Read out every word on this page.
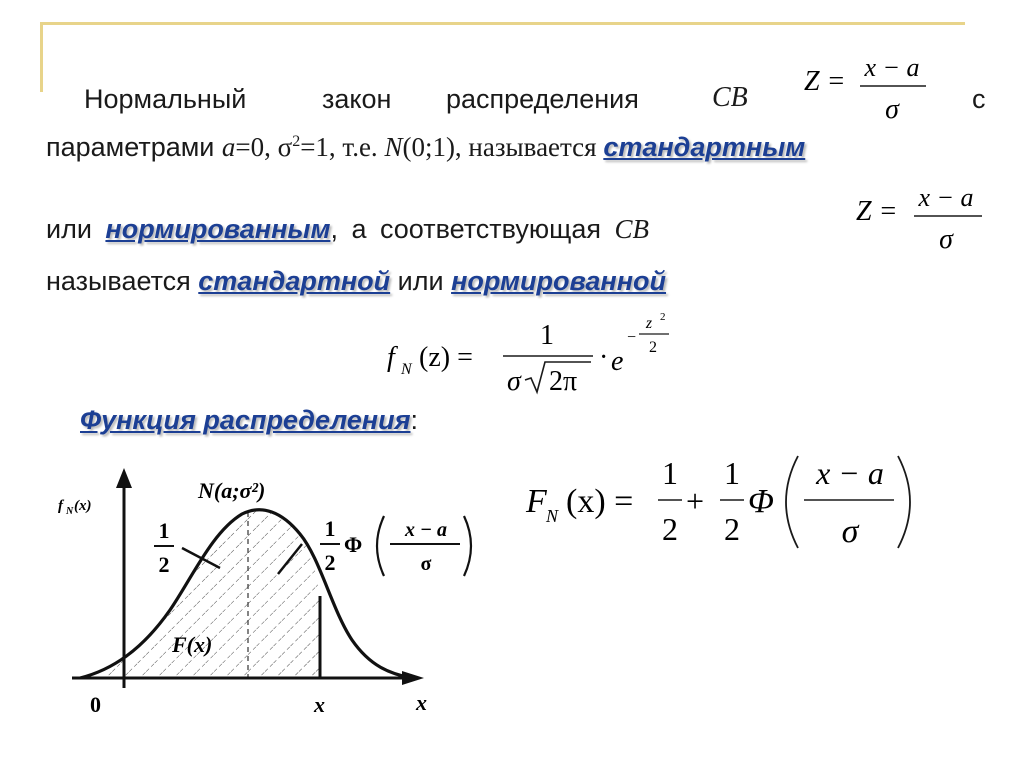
Нормальный	закон распределения	СВ	с
параметрами a=0, $\sigma^2=1$, т.е. N(0;1), называется стандартным
или нормированным, а соответствующая СВ
называется стандартной или нормированной
Z = x − a
σ
Z = x − a
σ
f N (z) =
1
σ 2π
· e
−
z 2
2
Функция распределения:
F N (x) =
1
2
+
1
2
Φ
x − a
σ
f N (x)
N(a;σ²)
1
2
1
2
Φ
x − a
σ
F(x)
0	x	x
